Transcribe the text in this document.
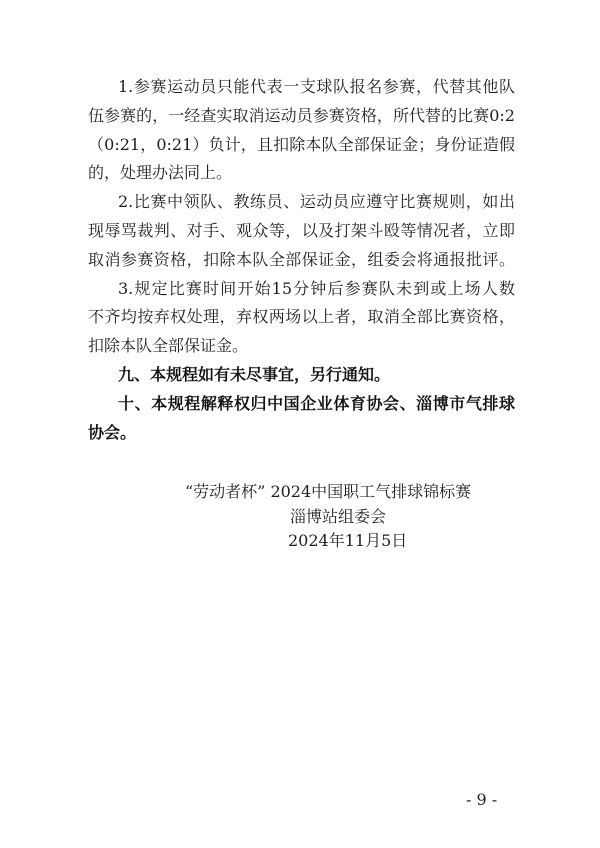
1.参赛运动员只能代表一支球队报名参赛，代替其他队
伍参赛的，一经查实取消运动员参赛资格，所代替的比赛0:2
（0:21，0:21）负计，且扣除本队全部保证金；身份证造假
的，处理办法同上。
2.比赛中领队、教练员、运动员应遵守比赛规则，如出
现辱骂裁判、对手、观众等，以及打架斗殴等情况者，立即
取消参赛资格，扣除本队全部保证金，组委会将通报批评。
3.规定比赛时间开始15分钟后参赛队未到或上场人数
不齐均按弃权处理，弃权两场以上者，取消全部比赛资格，
扣除本队全部保证金。
九、本规程如有未尽事宜，另行通知。
十、本规程解释权归中国企业体育协会、淄博市气排球
协会。
“劳动者杯” 2024中国职工气排球锦标赛
淄博站组委会
2024年11月5日
- 9 -
